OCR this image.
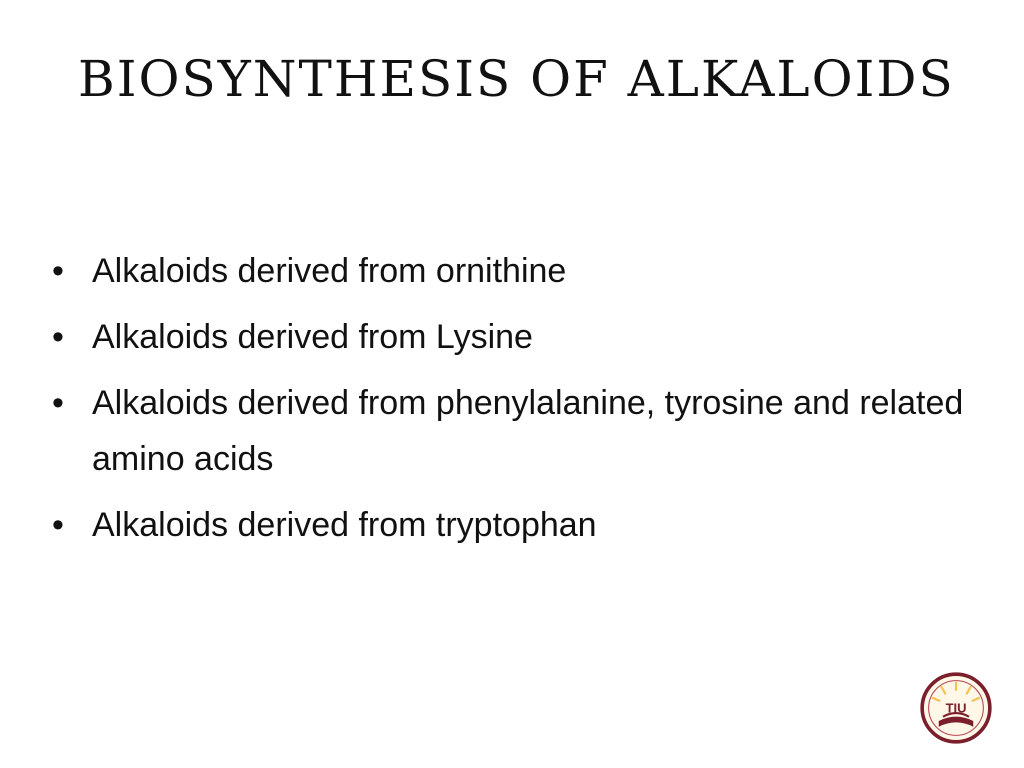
BIOSYNTHESIS OF ALKALOIDS
• Alkaloids derived from ornithine
• Alkaloids derived from Lysine
• Alkaloids derived from phenylalanine, tyrosine and related amino acids
• Alkaloids derived from tryptophan
TIU
